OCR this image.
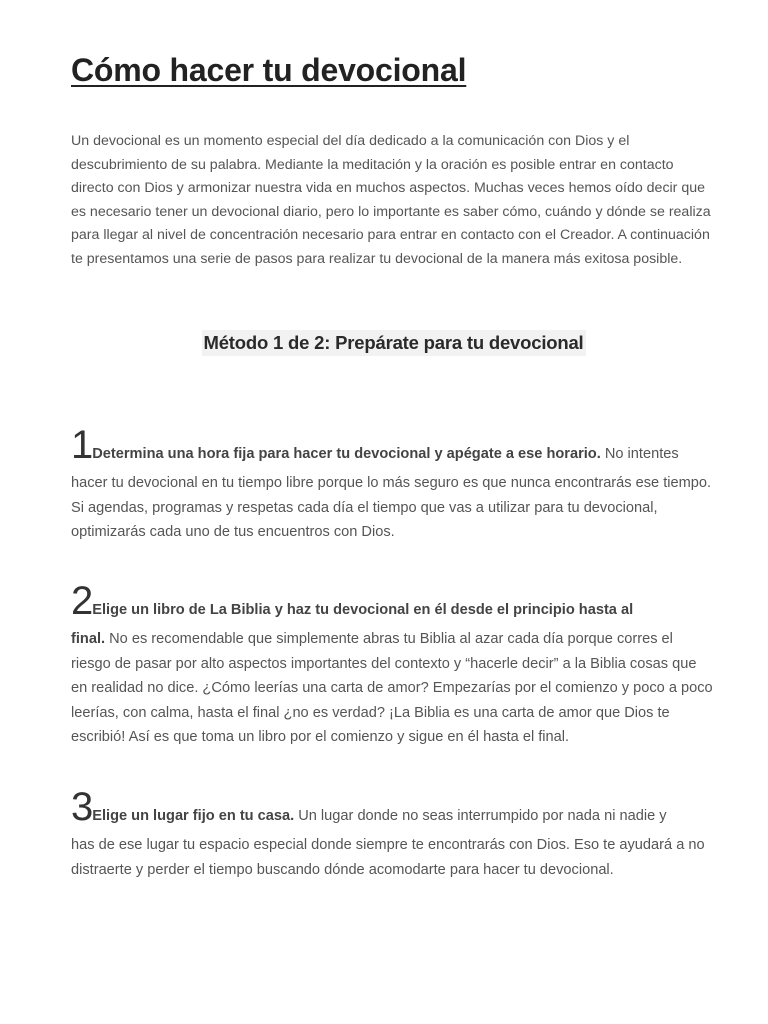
Cómo hacer tu devocional

Un devocional es un momento especial del día dedicado a la comunicación con Dios y el descubrimiento de su palabra. Mediante la meditación y la oración es posible entrar en contacto directo con Dios y armonizar nuestra vida en muchos aspectos. Muchas veces hemos oído decir que es necesario tener un devocional diario, pero lo importante es saber cómo, cuándo y dónde se realiza para llegar al nivel de concentración necesario para entrar en contacto con el Creador. A continuación te presentamos una serie de pasos para realizar tu devocional de la manera más exitosa posible.

Método 1 de 2: Prepárate para tu devocional
1Determina una hora fija para hacer tu devocional y apégate a ese horario. No intentes
hacer tu devocional en tu tiempo libre porque lo más seguro es que nunca encontrarás ese tiempo. Si agendas, programas y respetas cada día el tiempo que vas a utilizar para tu devocional, optimizarás cada uno de tus encuentros con Dios.
2Elige un libro de La Biblia y haz tu devocional en él desde el principio hasta al
final. No es recomendable que simplemente abras tu Biblia al azar cada día porque corres el riesgo de pasar por alto aspectos importantes del contexto y “hacerle decir” a la Biblia cosas que en realidad no dice. ¿Cómo leerías una carta de amor? Empezarías por el comienzo y poco a poco leerías, con calma, hasta el final ¿no es verdad? ¡La Biblia es una carta de amor que Dios te escribió! Así es que toma un libro por el comienzo y sigue en él hasta el final.
3Elige un lugar fijo en tu casa. Un lugar donde no seas interrumpido por nada ni nadie y
has de ese lugar tu espacio especial donde siempre te encontrarás con Dios. Eso te ayudará a no distraerte y perder el tiempo buscando dónde acomodarte para hacer tu devocional.
